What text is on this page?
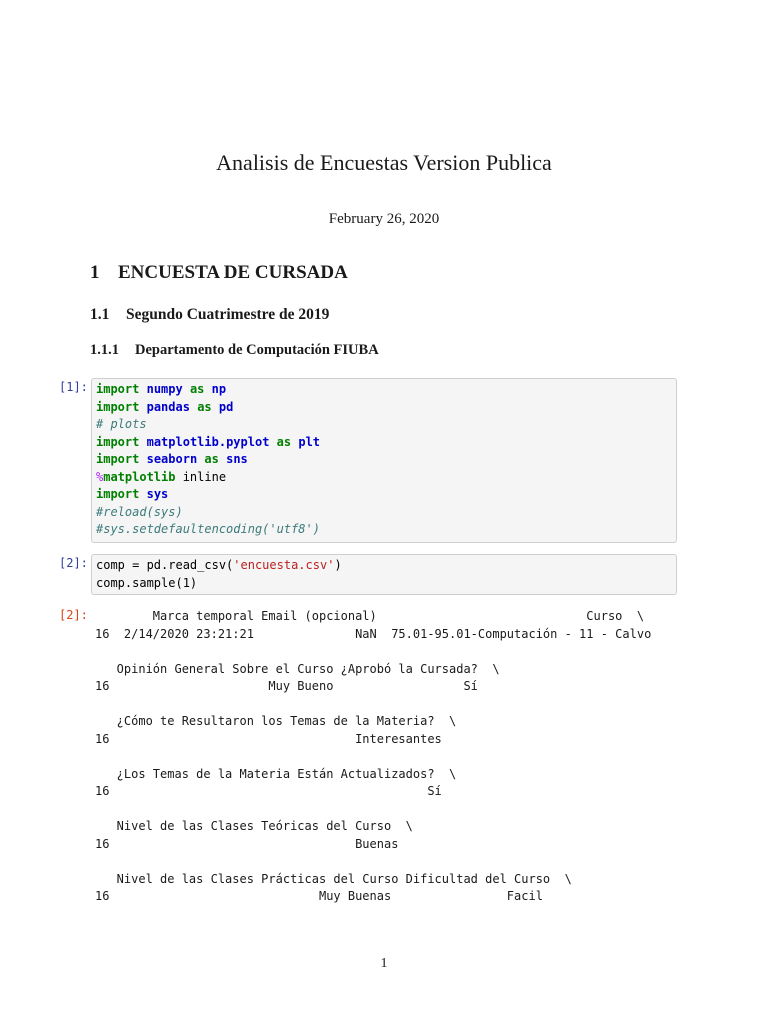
Analisis de Encuestas Version Publica
February 26, 2020
1 ENCUESTA DE CURSADA
1.1 Segundo Cuatrimestre de 2019
1.1.1 Departamento de Computación FIUBA
[1]: import numpy as np
import pandas as pd
# plots
import matplotlib.pyplot as plt
import seaborn as sns
%matplotlib inline
import sys
#reload(sys)
#sys.setdefaultencoding('utf8')
[2]: comp = pd.read_csv('encuesta.csv')
comp.sample(1)
[2]: Marca temporal Email (opcional)                             Curso  \
16  2/14/2020 23:21:21              NaN  75.01-95.01-Computación - 11 - Calvo
Opinión General Sobre el Curso ¿Aprobó la Cursada?  \
16                      Muy Bueno                  Sí
¿Cómo te Resultaron los Temas de la Materia?  \
16                                  Interesantes
¿Los Temas de la Materia Están Actualizados?  \
16                                            Sí
Nivel de las Clases Teóricas del Curso  \
16                                  Buenas
Nivel de las Clases Prácticas del Curso Dificultad del Curso  \
16                             Muy Buenas                Facil
1
